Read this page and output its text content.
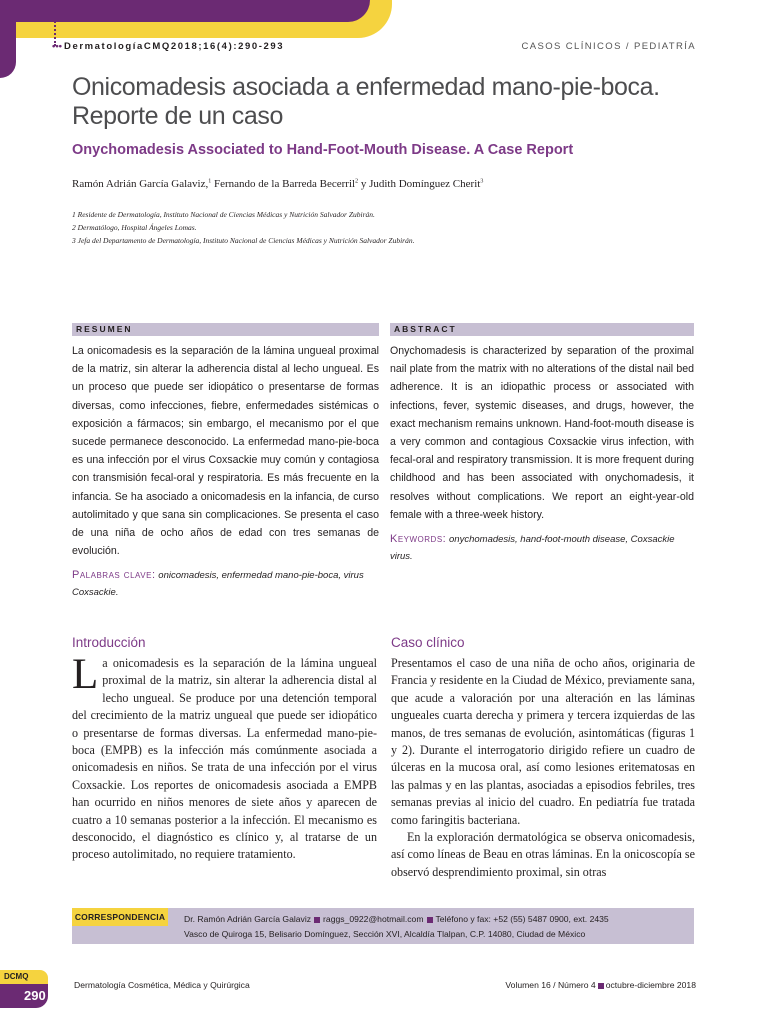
••• DermatologíaCMQ2018;16(4):290-293	CASOS CLÍNICOS / PEDIATRÍA
Onicomadesis asociada a enfermedad mano-pie-boca.
Reporte de un caso
Onychomadesis Associated to Hand-Foot-Mouth Disease. A Case Report
Ramón Adrián García Galaviz,$^1$ Fernando de la Barreda Becerril$^2$ y Judith Domínguez Cherit$^3$
1 Residente de Dermatología, Instituto Nacional de Ciencias Médicas y Nutrición Salvador Zubirán.
2 Dermatólogo, Hospital Ángeles Lomas.
3 Jefa del Departamento de Dermatología, Instituto Nacional de Ciencias Médicas y Nutrición Salvador Zubirán.
RESUMEN
La onicomadesis es la separación de la lámina ungueal proximal de la matriz, sin alterar la adherencia distal al lecho ungueal. Es un proceso que puede ser idiopático o presentarse de formas diversas, como infecciones, fiebre, enfermedades sistémicas o exposición a fármacos; sin embargo, el mecanismo por el que sucede permanece desconocido. La enfermedad mano-pie-boca es una infección por el virus Coxsackie muy común y contagiosa con transmisión fecal-oral y respiratoria. Es más frecuente en la infancia. Se ha asociado a onicomadesis en la infancia, de curso autolimitado y que sana sin complicaciones. Se presenta el caso de una niña de ocho años de edad con tres semanas de evolución.
Palabras clave: onicomadesis, enfermedad mano-pie-boca, virus Coxsackie.
ABSTRACT
Onychomadesis is characterized by separation of the proximal nail plate from the matrix with no alterations of the distal nail bed adherence. It is an idiopathic process or associated with infections, fever, systemic diseases, and drugs, however, the exact mechanism remains unknown. Hand-foot-mouth disease is a very common and contagious Coxsackie virus infection, with fecal-oral and respiratory transmission. It is more frequent during childhood and has been associated with onychomadesis, it resolves without complications. We report an eight-year-old female with a three-week history.
Keywords: onychomadesis, hand-foot-mouth disease, Coxsackie virus.
Introducción
La onicomadesis es la separación de la lámina ungueal proximal de la matriz, sin alterar la adherencia distal al lecho ungueal. Se produce por una detención temporal del crecimiento de la matriz ungueal que puede ser idiopático o presentarse de formas diversas. La enfermedad mano-pie-boca (EMPB) es la infección más comúnmente asociada a onicomadesis en niños. Se trata de una infección por el virus Coxsackie. Los reportes de onicomadesis asociada a EMPB han ocurrido en niños menores de siete años y aparecen de cuatro a 10 semanas posterior a la infección. El mecanismo es desconocido, el diagnóstico es clínico y, al tratarse de un proceso autolimitado, no requiere tratamiento.
Caso clínico

Presentamos el caso de una niña de ocho años, originaria de Francia y residente en la Ciudad de México, previamente sana, que acude a valoración por una alteración en las láminas ungueales cuarta derecha y primera y tercera izquierdas de las manos, de tres semanas de evolución, asintomáticas (figuras 1 y 2). Durante el interrogatorio dirigido refiere un cuadro de úlceras en la mucosa oral, así como lesiones eritematosas en las palmas y en las plantas, asociadas a episodios febriles, tres semanas previas al inicio del cuadro. En pediatría fue tratada como faringitis bacteriana.

En la exploración dermatológica se observa onicomadesis, así como líneas de Beau en otras láminas. En la onicoscopía se observó desprendimiento proximal, sin otras

CORRESPONDENCIA	Dr. Ramón Adrián García Galaviz raggs_0922@hotmail.com Teléfono y fax: +52 (55) 5487 0900, ext. 2435
Vasco de Quiroga 15, Belisario Domínguez, Sección XVI, Alcaldía Tlalpan, C.P. 14080, Ciudad de México
DCMQ
290
Dermatología Cosmética, Médica y Quirúrgica	Volumen 16 / Número 4 octubre-diciembre 2018
